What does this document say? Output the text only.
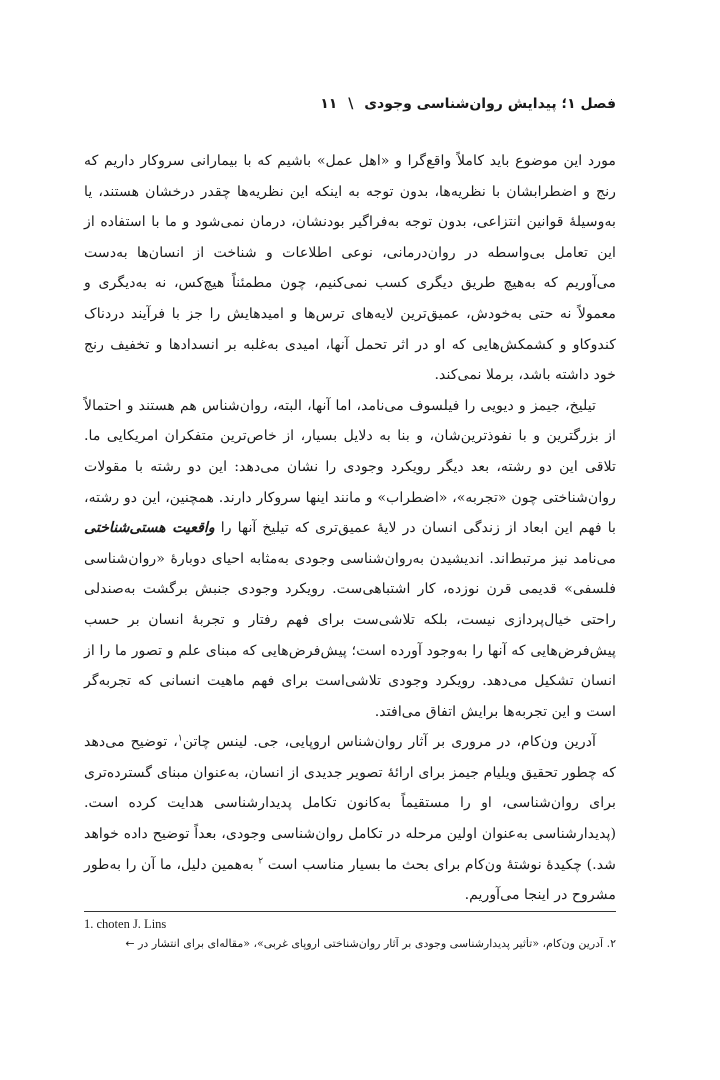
فصل ۱؛ پیدایش روان‌شناسی وجودی \ ۱۱

مورد این موضوع باید کاملاً واقع‌گرا و «اهل عمل» باشیم که با بیمارانی سروکار داریم که رنج و اضطرابشان با نظریه‌ها، بدون توجه به اینکه این نظریه‌ها چقدر درخشان هستند، یا به‌وسیلهٔ قوانین انتزاعی، بدون توجه به‌فراگیر بودنشان، درمان نمی‌شود و ما با استفاده از این تعامل بی‌واسطه در روان‌درمانی، نوعی اطلاعات و شناخت از انسان‌ها به‌دست می‌آوریم که به‌هیچ طریق دیگری کسب نمی‌کنیم، چون مطمئناً هیچ‌کس، نه به‌دیگری و معمولاً نه حتی به‌خودش، عمیق‌ترین لایه‌های ترس‌ها و امیدهایش را جز با فرآیند دردناک کندوکاو و کشمکش‌هایی که او در اثر تحمل آنها، امیدی به‌غلبه بر انسدادها و تخفیف رنج خود داشته باشد، برملا نمی‌کند.

تیلیخ، جیمز و دیویی را فیلسوف می‌نامد، اما آنها، البته، روان‌شناس هم هستند و احتمالاً از بزرگترین و با نفوذترین‌شان، و بنا به دلایل بسیار، از خاص‌ترین متفکران امریکایی ما. تلاقی این دو رشته، بعد دیگر رویکرد وجودی را نشان می‌دهد: این دو رشته با مقولات روان‌شناختی چون «تجربه»، «اضطراب» و مانند اینها سروکار دارند. همچنین، این دو رشته، با فهم این ابعاد از زندگی انسان در لایهٔ عمیق‌تری که تیلیخ آنها را واقعیت هستی‌شناختی می‌نامد نیز مرتبط‌اند. اندیشیدن به‌روان‌شناسی وجودی به‌مثابه احیای دوبارهٔ «روان‌شناسی فلسفی» قدیمی قرن نوزده، کار اشتباهی‌ست. رویکرد وجودی جنبش برگشت به‌صندلی راحتی خیال‌پردازی نیست، بلکه تلاشی‌ست برای فهم رفتار و تجربهٔ انسان بر حسب پیش‌فرض‌هایی که آنها را به‌وجود آورده است؛ پیش‌فرض‌هایی که مبنای علم و تصور ما را از انسان تشکیل می‌دهد. رویکرد وجودی تلاشی‌است برای فهم ماهیت انسانی که تجربه‌گر است و این تجربه‌ها برایش اتفاق می‌افتد.

آدرین ون‌کام، در مروری بر آثار روان‌شناس اروپایی، جی. لینس چاتن$^۱$، توضیح می‌دهد که چطور تحقیق ویلیام جیمز برای ارائهٔ تصویر جدیدی از انسان، به‌عنوان مبنای گسترده‌تری برای روان‌شناسی، او را مستقیماً به‌کانون تکامل پدیدارشناسی هدایت کرده است. (پدیدارشناسی به‌عنوان اولین مرحله در تکامل روان‌شناسی وجودی، بعداً توضیح داده خواهد شد.) چکیدهٔ نوشتهٔ ون‌کام برای بحث ما بسیار مناسب است $^۲$ به‌همین دلیل، ما آن را به‌طور مشروح در اینجا می‌آوریم.

1. choten J. Lins
۲. آدرین ون‌کام، «تأثیر پدیدارشناسی وجودی بر آثار روان‌شناختی اروپای غربی»، «مقاله‌ای برای انتشار در ←
